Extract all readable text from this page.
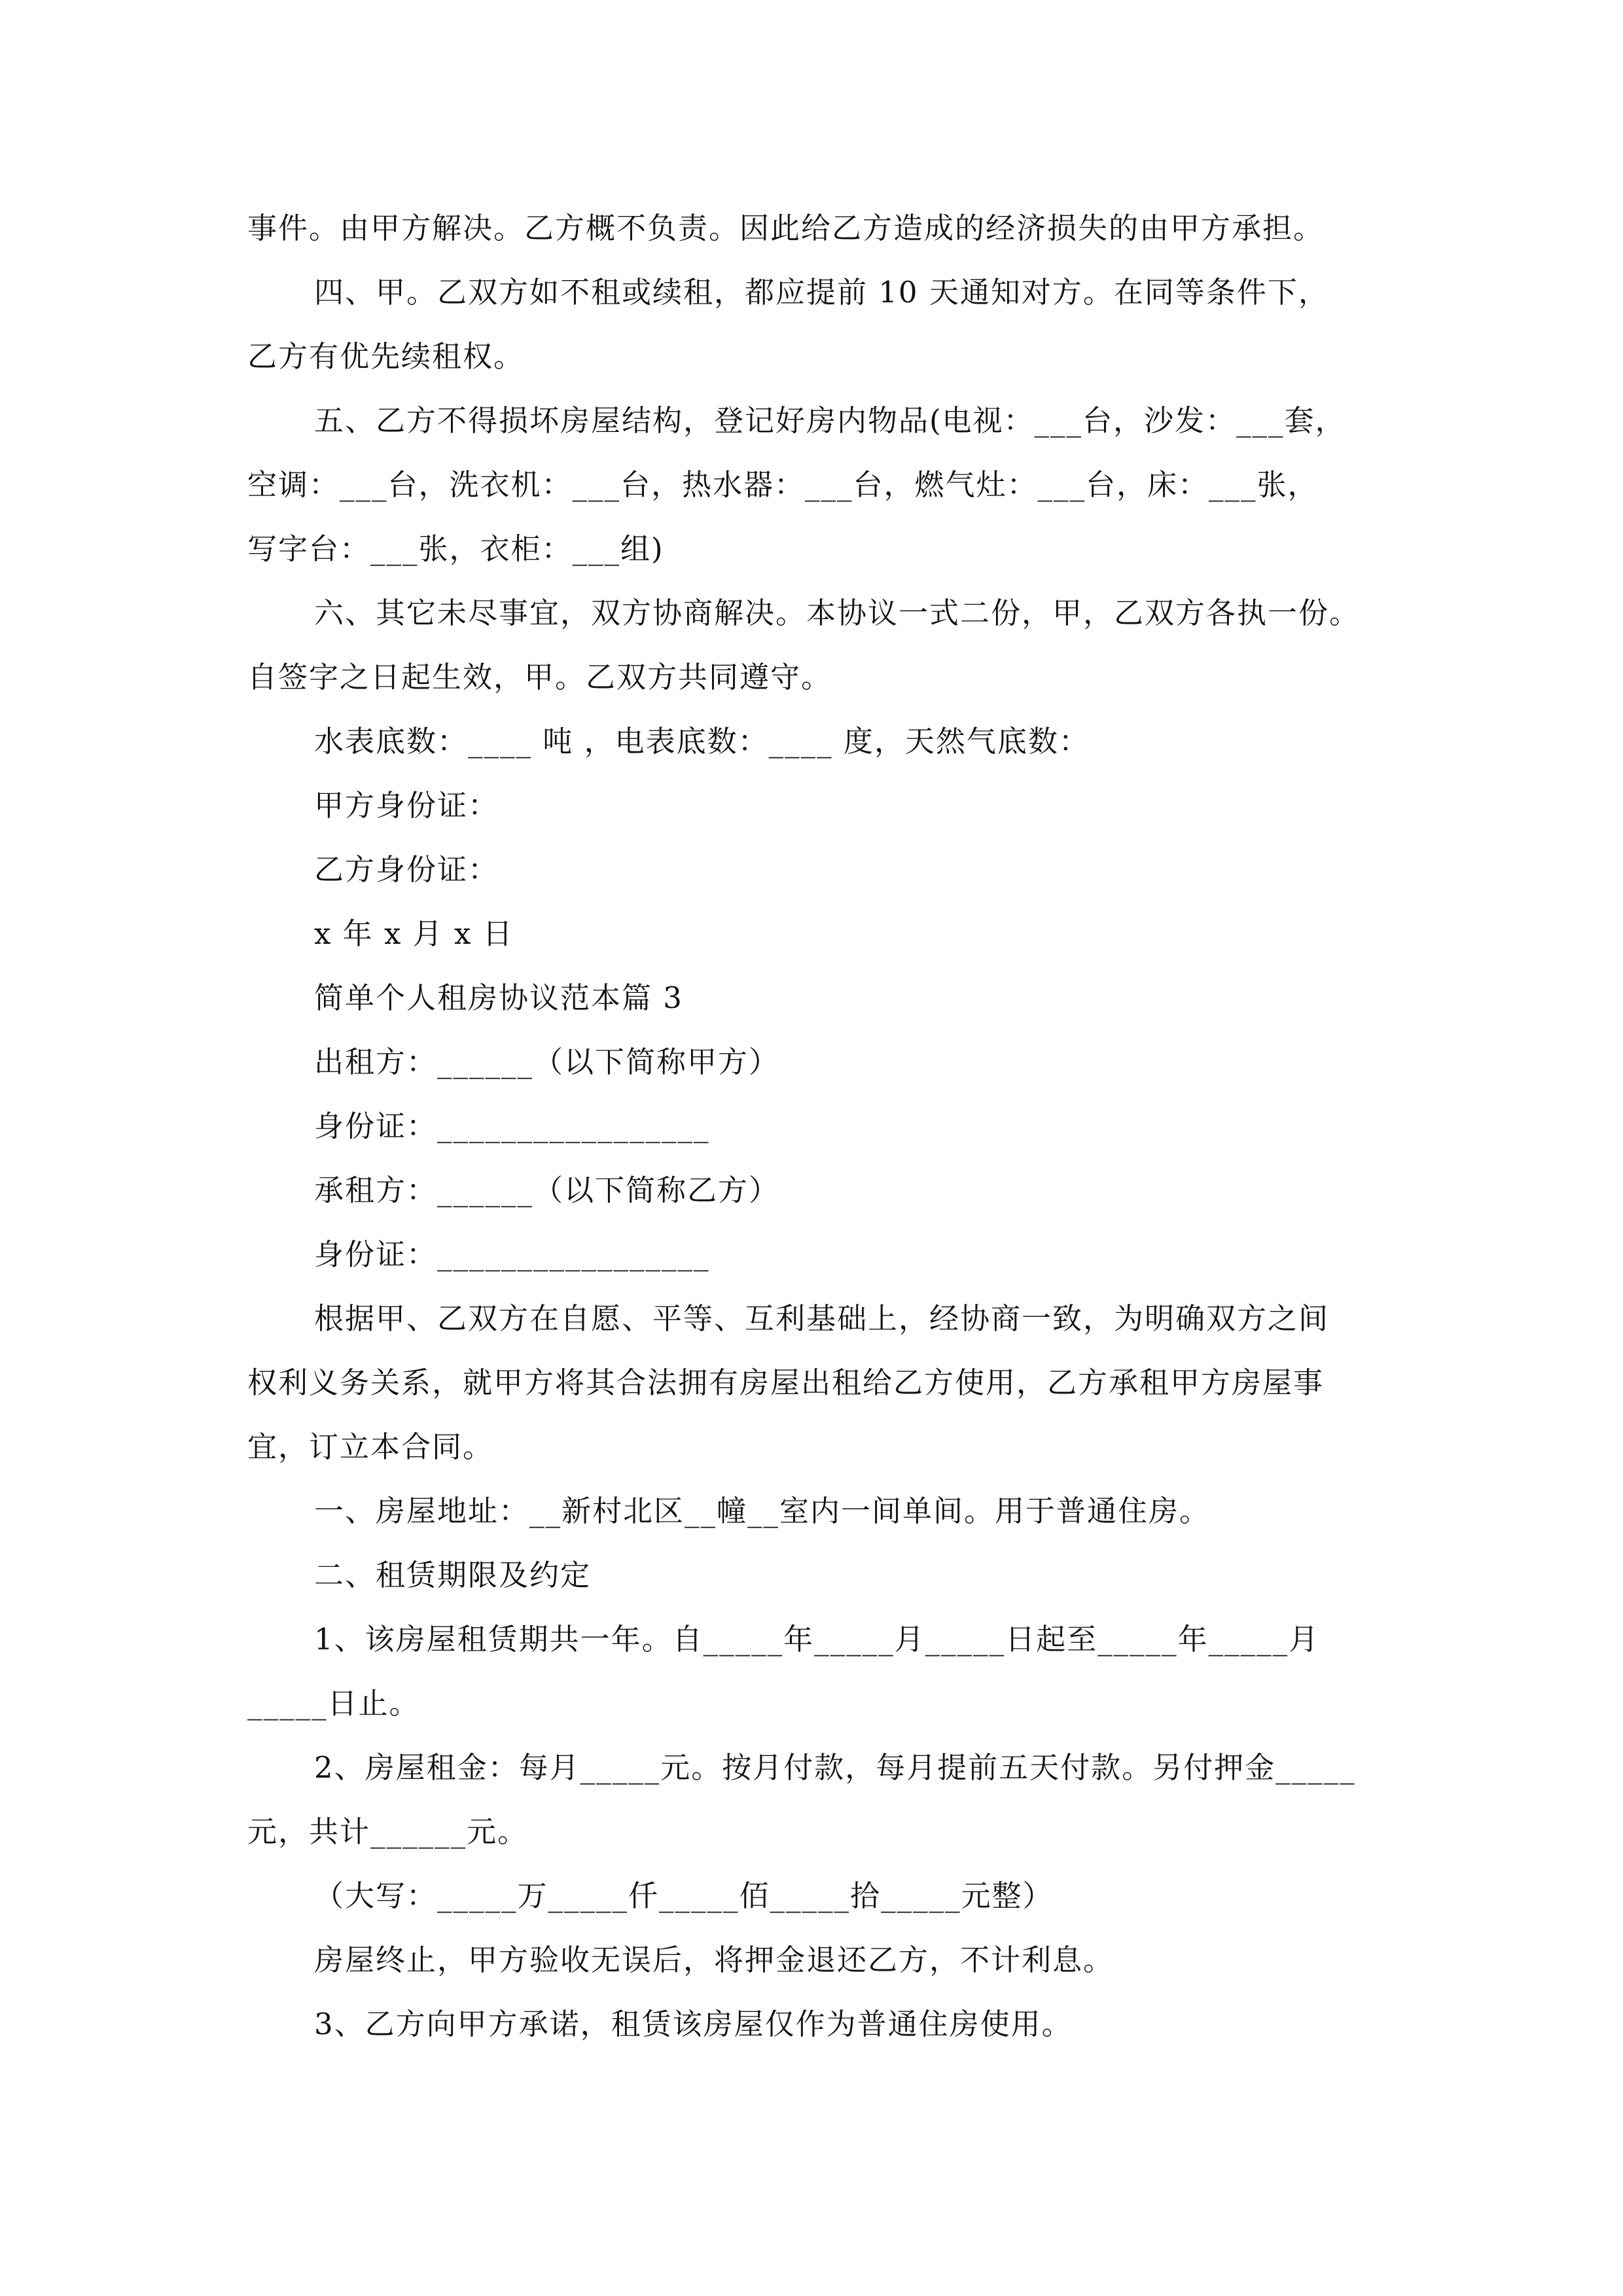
事件。由甲方解决。乙方概不负责。因此给乙方造成的经济损失的由甲方承担。
四、甲。乙双方如不租或续租，都应提前 10 天通知对方。在同等条件下，
乙方有优先续租权。
五、乙方不得损坏房屋结构，登记好房内物品(电视：___台，沙发：___套，
空调：___台，洗衣机：___台，热水器：___台，燃气灶：___台，床：___张，
写字台：___张，衣柜：___组)
六、其它未尽事宜，双方协商解决。本协议一式二份，甲，乙双方各执一份。
自签字之日起生效，甲。乙双方共同遵守。
水表底数：____ 吨 ，电表底数：____ 度，天然气底数：
甲方身份证：
乙方身份证：
x 年 x 月 x 日
简单个人租房协议范本篇 3
出租方：______（以下简称甲方）
身份证：_________________
承租方：______（以下简称乙方）
身份证：_________________
根据甲、乙双方在自愿、平等、互利基础上，经协商一致，为明确双方之间
权利义务关系，就甲方将其合法拥有房屋出租给乙方使用，乙方承租甲方房屋事
宜，订立本合同。
一、房屋地址：__新村北区__幢__室内一间单间。用于普通住房。
二、租赁期限及约定
1、该房屋租赁期共一年。自_____年_____月_____日起至_____年_____月
_____日止。
2、房屋租金：每月_____元。按月付款，每月提前五天付款。另付押金_____
元，共计______元。
（大写：_____万_____仟_____佰_____拾_____元整）
房屋终止，甲方验收无误后，将押金退还乙方，不计利息。
3、乙方向甲方承诺，租赁该房屋仅作为普通住房使用。
